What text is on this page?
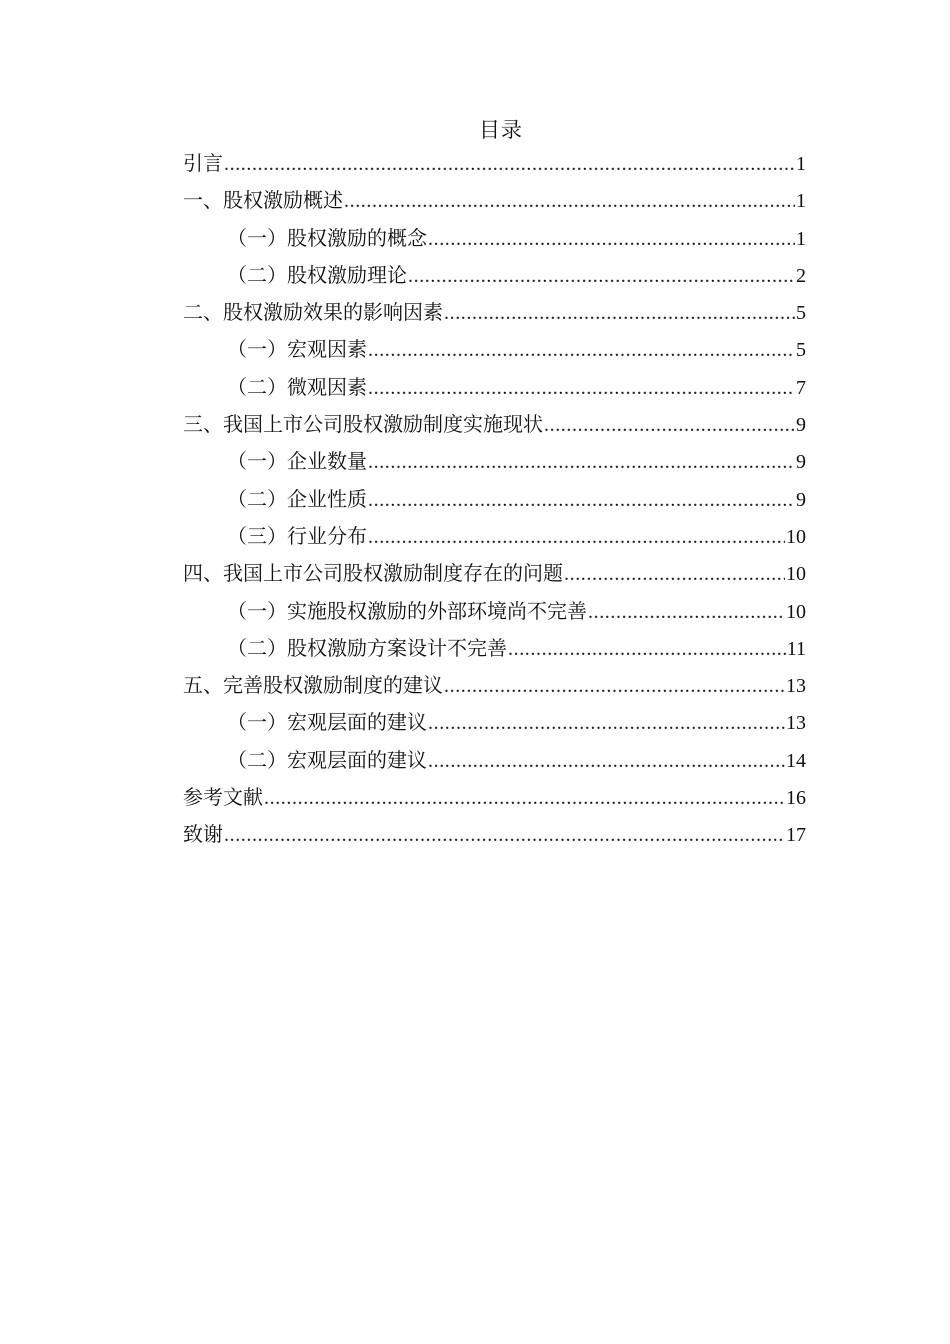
目录
引言 .....	1
一、股权激励概述 .....	1
（一）股权激励的概念 .....	1
（二）股权激励理论 .....	2
二、股权激励效果的影响因素 .....	5
（一）宏观因素 .....	5
（二）微观因素 .....	7
三、我国上市公司股权激励制度实施现状 .....	9
（一）企业数量 .....	9
（二）企业性质 .....	9
（三）行业分布 .....	10
四、我国上市公司股权激励制度存在的问题 .....	10
（一）实施股权激励的外部环境尚不完善 .....	10
（二）股权激励方案设计不完善 .....	11
五、完善股权激励制度的建议 .....	13
（一）宏观层面的建议 .....	13
（二）宏观层面的建议 .....	14
参考文献 .....	16
致谢 .....	17
